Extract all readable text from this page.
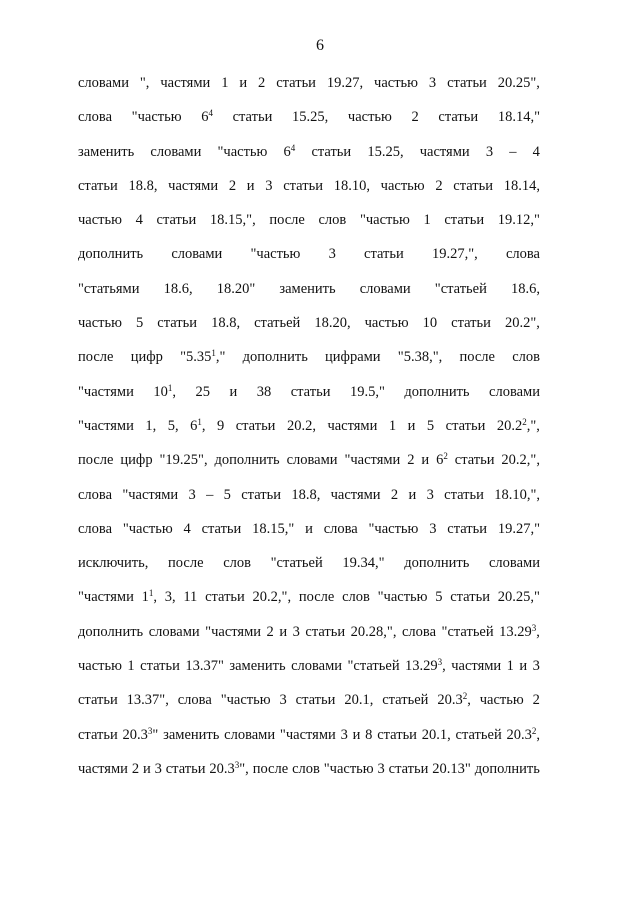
6
словами ", частями 1 и 2 статьи 19.27, частью 3 статьи 20.25",
слова "частью $6^4$ статьи 15.25, частью 2 статьи 18.14,"
заменить словами "частью $6^4$ статьи 15.25, частями 3 – 4
статьи 18.8, частями 2 и 3 статьи 18.10, частью 2 статьи 18.14,
частью 4 статьи 18.15,", после слов "частью 1 статьи 19.12,"
дополнить словами "частью 3 статьи 19.27,", слова
"статьями 18.6, 18.20" заменить словами "статьей 18.6,
частью 5 статьи 18.8, статьей 18.20, частью 10 статьи 20.2",
после цифр "5.35$^1$," дополнить цифрами "5.38,", после слов
"частями $10^1$, 25 и 38 статьи 19.5," дополнить словами
"частями 1, 5, $6^1$, 9 статьи 20.2, частями 1 и 5 статьи 20.2$^2$,",
после цифр "19.25", дополнить словами "частями 2 и $6^2$ статьи 20.2,",
слова "частями 3 – 5 статьи 18.8, частями 2 и 3 статьи 18.10,",
слова "частью 4 статьи 18.15," и слова "частью 3 статьи 19.27,"
исключить, после слов "статьей 19.34," дополнить словами
"частями $1^1$, 3, 11 статьи 20.2,", после слов "частью 5 статьи 20.25,"
дополнить словами "частями 2 и 3 статьи 20.28,", слова "статьей 13.29$^3$,
частью 1 статьи 13.37" заменить словами "статьей 13.29$^3$, частями 1 и 3
статьи 13.37", слова "частью 3 статьи 20.1, статьей 20.3$^2$, частью 2
статьи 20.3$^3$" заменить словами "частями 3 и 8 статьи 20.1, статьей 20.3$^2$,
частями 2 и 3 статьи 20.3$^3$", после слов "частью 3 статьи 20.13" дополнить
